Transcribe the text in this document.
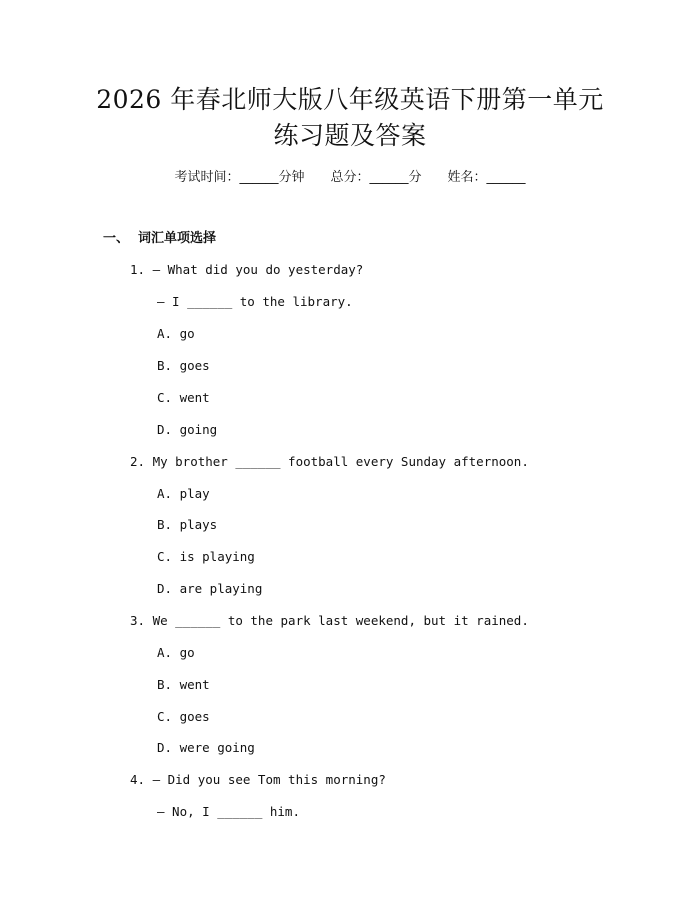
2026 年春北师大版八年级英语下册第一单元
练习题及答案
考试时间：______分钟 总分：______分 姓名：______
一、  词汇单项选择
1. — What did you do yesterday?
— I ______ to the library.
A. go
B. goes
C. went
D. going
2. My brother ______ football every Sunday afternoon.
A. play
B. plays
C. is playing
D. are playing
3. We ______ to the park last weekend, but it rained.
A. go
B. went
C. goes
D. were going
4. — Did you see Tom this morning?
— No, I ______ him.
